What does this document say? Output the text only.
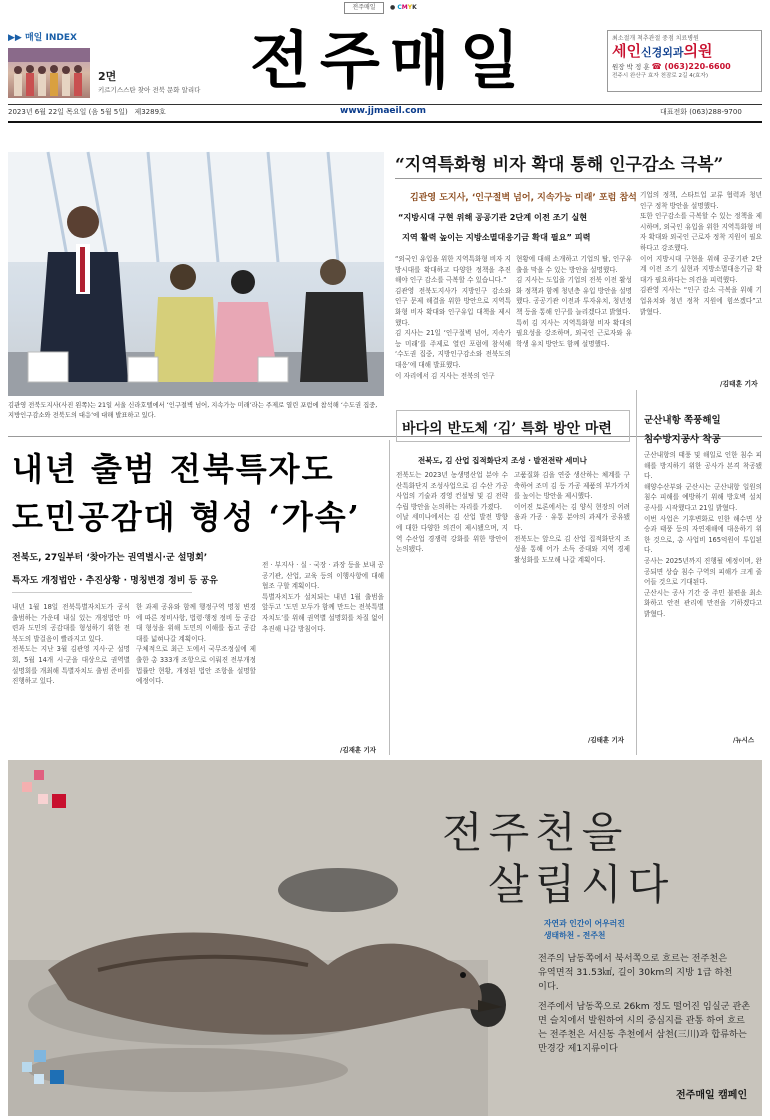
전주매일	● CMYK
▶▶ 매일 INDEX
2면
키르기스스탄 찾아 전북 문화 알리다 전주매일	최소절개 척추관절 중점 치료병원
세인신경외과의원
원장 박 정 훈 ☎ (063)220-6600
전주시 완산구 효자 천잠로 2길 4(효자)
2023년 6월 22일 목요일 (음 5월 5일) 제3289호	www.jjmaeil.com	대표전화 (063)288-9700
김관영 전북도지사(사진 왼쪽)는 21일 서울 신라호텔에서 ‘인구절벽 넘어, 지속가능 미래’라는 주제로 열린 포럼에 참석해 ‘수도권 집중, 지방인구감소와 전북도의 대응’에 대해 발표하고 있다.
“지역특화형 비자 확대 통해 인구감소 극복”
김관영 도지사, ‘인구절벽 넘어, 지속가능 미래’ 포럼 참석
“지방시대 구현 위해 공공기관 2단계 이전 조기 실현
지역 활력 높이는 지방소멸대응기금 확대 필요” 피력

“외국인 유입을 위한 지역특화형 비자 지방시대를 확대하고 다양한 정책을 추진해야 인구 감소를 극복할 수 있습니다.”
김관영 전북도지사가 지방인구 감소와 인구 문제 해결을 위한 방안으로 지역특화형 비자 확대와 인구유입 대책을 제시했다.
김 지사는 21일 ‘인구절벽 넘어, 지속가능 미래’를 주제로 열린 포럼에 참석해 ‘수도권 집중, 지방인구감소와 전북도의 대응’에 대해 발표했다.
이 자리에서 김 지사는 전북의 인구

현황에 대해 소개하고 기업의 탈, 인구유출을 막을 수 있는 방안을 설명했다.
김 지사는 도입을 기업의 전북 이전 활성화 정책과 함께 청년층 유입 방안을 설명했다. 공공기관 이전과 투자유치, 청년정책 등을 통해 인구를 늘리겠다고 밝혔다.
특히 김 지사는 지역특화형 비자 확대의 필요성을 강조하며, 외국인 근로자와 유학생 유치 방안도 함께 설명했다.

기업의 정책, 스타트업 교류 협력과 청년 인구 정착 방안을 설명했다.
또한 인구감소를 극복할 수 있는 정책을 제시하며, 외국인 유입을 위한 지역특화형 비자 확대와 외국인 근로자 정착 지원이 필요하다고 강조했다.
이어 지방시대 구현을 위해 공공기관 2단계 이전 조기 실현과 지방소멸대응기금 확대가 필요하다는 의견을 피력했다.
김관영 지사는 “인구 감소 극복을 위해 기업유치와 청년 정착 지원에 힘쓰겠다”고 밝혔다.

/김태훈 기자
내년 출범 전북특자도
도민공감대 형성 ‘가속’
전북도, 27일부터 ‘찾아가는 권역별시·군 설명회’
특자도 개정법안 · 추진상황 · 명칭변경 정비 등 공유

내년 1월 18일 전북특별자치도가 공식 출범하는 가운데 내실 있는 개정법안 마련과 도민의 공감대를 형성하기 위한 전북도의 발걸음이 빨라지고 있다.
전북도는 지난 3월 김관영 지사·군 설명회, 5월 14개 시·군을 대상으로 권역별 설명회를 개최해 특별자치도 출범 준비를 진행하고 있다.

한 과제 공유와 함께 행정구역 명칭 변경에 따른 정비사항, 법령·행정 정비 등 공감대 형성을 위해 도민의 이해를 돕고 공감대를 넓혀나갈 계획이다.
구체적으로 최근 도에서 국무조정실에 제출한 총 333개 조항으로 이뤄진 전부개정법률안 현황, 개정된 법안 조항을 설명할 예정이다.

전 · 부지사 · 실 · 국장 · 과장 등을 보내 공공기관, 산업, 교육 등의 이행사항에 대해 협조 구할 계획이다.
특별자치도가 설치되는 내년 1월 출범을 앞두고 ‘도민 모두가 함께 만드는 전북특별자치도’를 위해 권역별 설명회를 차질 없이 추진해 나갈 방침이다.

/김재훈 기자
바다의 반도체 ‘김’ 특화 방안 마련
전북도, 김 산업 집적화단지 조성 · 발전전략 세미나

전북도는 2023년 농생명산업 분야 수산특화단지 조성사업으로 김 수산 가공 사업의 기술과 경영 컨설팅 및 김 전략 수립 방안을 논의하는 자리를 가졌다.
이날 세미나에서는 김 산업 발전 방향에 대한 다양한 의견이 제시됐으며, 지역 수산업 경쟁력 강화를 위한 방안이 논의됐다.

고품질화 김을 연중 생산하는 체계를 구축하여 조미 김 등 가공 제품의 부가가치를 높이는 방안을 제시했다.
이어진 토론에서는 김 양식 현장의 어려움과 가공 · 유통 분야의 과제가 공유됐다.
전북도는 앞으로 김 산업 집적화단지 조성을 통해 어가 소득 증대와 지역 경제 활성화를 도모해 나갈 계획이다.

/김태훈 기자
군산내항 쪽풍해일
침수방지공사 착공

군산내항의 태풍 및 해일로 인한 침수 피해를 방지하기 위한 공사가 본격 착공됐다.
해양수산부와 군산시는 군산내항 일원의 침수 피해를 예방하기 위해 방호벽 설치 공사를 시작했다고 21일 밝혔다.
이번 사업은 기후변화로 인한 해수면 상승과 태풍 등의 자연재해에 대응하기 위한 것으로, 총 사업비 165억원이 투입된다.
공사는 2025년까지 진행될 예정이며, 완공되면 상습 침수 구역의 피해가 크게 줄어들 것으로 기대된다.
군산시는 공사 기간 중 주민 불편을 최소화하고 안전 관리에 만전을 기하겠다고 밝혔다.

/뉴시스
전주천을
살립시다
자연과 인간이 어우러진
생태하천 - 전주천
전주의 남동쪽에서 북서쪽으로 흐르는 전주천은 유역면적 31.53㎢, 길이 30km의 지방 1급 하천이다.
전주에서 남동쪽으로 26km 정도 떨어진 임실군 관촌면 슬치에서 발원하여 시의 중심지를 관통 하여 흐르는 전주천은 서신동 추천에서 삼천(三川)과 합류하는 만경강 제1지류이다
전주매일 캠페인
